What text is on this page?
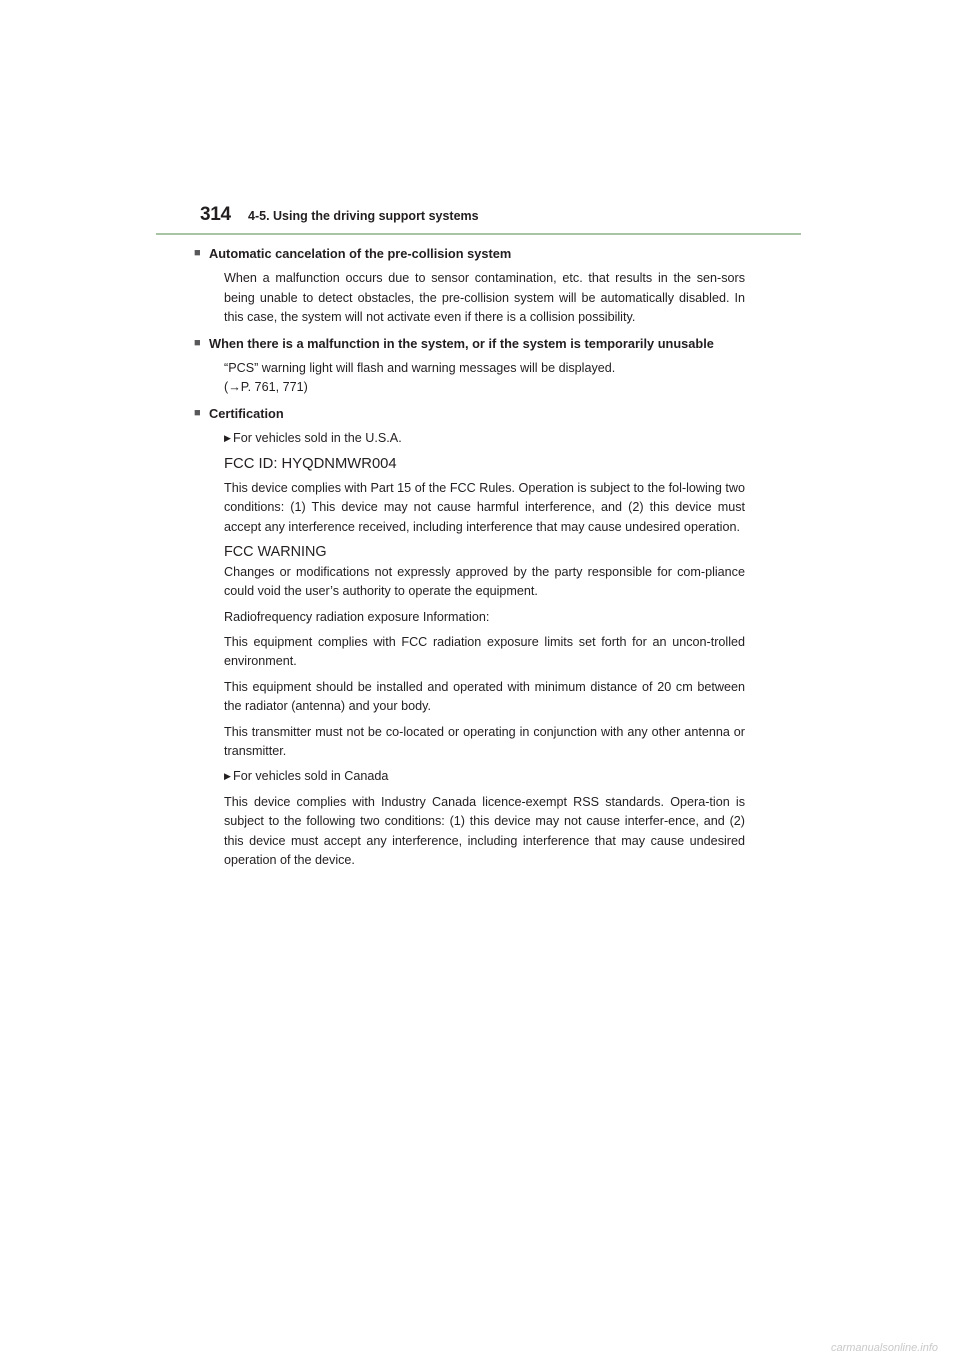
314 4-5. Using the driving support systems
■ Automatic cancelation of the pre-collision system

When a malfunction occurs due to sensor contamination, etc. that results in the sen-sors being unable to detect obstacles, the pre-collision system will be automatically disabled. In this case, the system will not activate even if there is a collision possibility.

■ When there is a malfunction in the system, or if the system is temporarily unusable

“PCS” warning light will flash and warning messages will be displayed.

(→P. 761, 771)

■ Certification
▶ For vehicles sold in the U.S.A.
FCC ID: HYQDNMWR004

This device complies with Part 15 of the FCC Rules. Operation is subject to the fol-lowing two conditions: (1) This device may not cause harmful interference, and (2) this device must accept any interference received, including interference that may cause undesired operation.

FCC WARNING

Changes or modifications not expressly approved by the party responsible for com-pliance could void the user’s authority to operate the equipment.

Radiofrequency radiation exposure Information:

This equipment complies with FCC radiation exposure limits set forth for an uncon-trolled environment.

This equipment should be installed and operated with minimum distance of 20 cm between the radiator (antenna) and your body.

This transmitter must not be co-located or operating in conjunction with any other antenna or transmitter.

▶ For vehicles sold in Canada

This device complies with Industry Canada licence-exempt RSS standards. Opera-tion is subject to the following two conditions: (1) this device may not cause interfer-ence, and (2) this device must accept any interference, including interference that may cause undesired operation of the device.

carmanualsonline.info
